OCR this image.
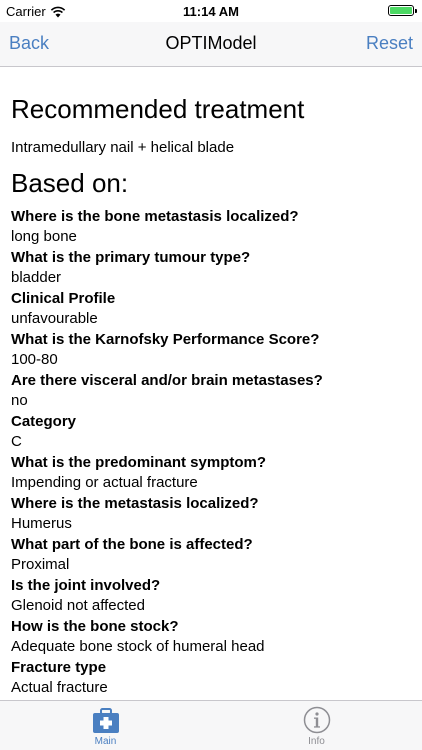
Carrier	11:14 AM
Back	OPTIModel	Reset
Recommended treatment

Intramedullary nail + helical blade

Based on:
Where is the bone metastasis localized?
long bone
What is the primary tumour type?
bladder
Clinical Profile
unfavourable
What is the Karnofsky Performance Score?
100-80
Are there visceral and/or brain metastases?
no
Category
C
What is the predominant symptom?
Impending or actual fracture
Where is the metastasis localized?
Humerus
What part of the bone is affected?
Proximal
Is the joint involved?
Glenoid not affected
How is the bone stock?
Adequate bone stock of humeral head
Fracture type
Actual fracture
Main	Info
